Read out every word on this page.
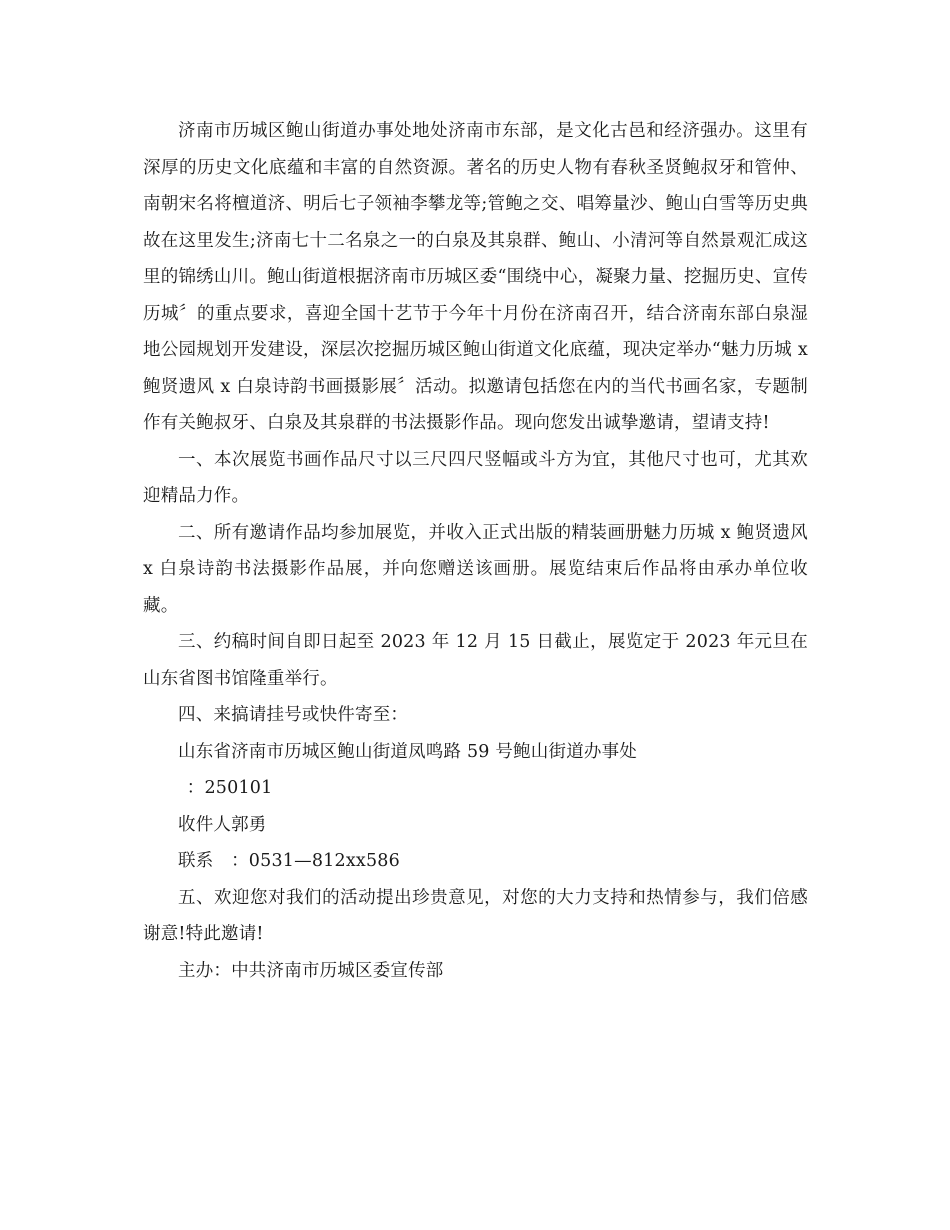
济南市历城区鲍山街道办事处地处济南市东部，是文化古邑和经济强办。这里有深厚的历史文化底蕴和丰富的自然资源。著名的历史人物有春秋圣贤鲍叔牙和管仲、南朝宋名将檀道济、明后七子领袖李攀龙等;管鲍之交、唱筹量沙、鲍山白雪等历史典故在这里发生;济南七十二名泉之一的白泉及其泉群、鲍山、小清河等自然景观汇成这里的锦绣山川。鲍山街道根据济南市历城区委“围绕中心，凝聚力量、挖掘历史、宣传历城〞的重点要求，喜迎全国十艺节于今年十月份在济南召开，结合济南东部白泉湿地公园规划开发建设，深层次挖掘历城区鲍山街道文化底蕴，现决定举办“魅力历城 x 鲍贤遗风 x 白泉诗韵书画摄影展〞活动。拟邀请包括您在内的当代书画名家，专题制作有关鲍叔牙、白泉及其泉群的书法摄影作品。现向您发出诚挚邀请，望请支持!

一、本次展览书画作品尺寸以三尺四尺竖幅或斗方为宜，其他尺寸也可，尤其欢迎精品力作。

二、所有邀请作品均参加展览，并收入正式出版的精装画册魅力历城 x 鲍贤遗风 x 白泉诗韵书法摄影作品展，并向您赠送该画册。展览结束后作品将由承办单位收藏。

三、约稿时间自即日起至 2023 年 12 月 15 日截止，展览定于 2023 年元旦在山东省图书馆隆重举行。

四、来搞请挂号或快件寄至：

山东省济南市历城区鲍山街道凤鸣路 59 号鲍山街道办事处

：250101

收件人郭勇

联系　：0531—812xx586

五、欢迎您对我们的活动提出珍贵意见，对您的大力支持和热情参与，我们倍感谢意!特此邀请!

主办：中共济南市历城区委宣传部
